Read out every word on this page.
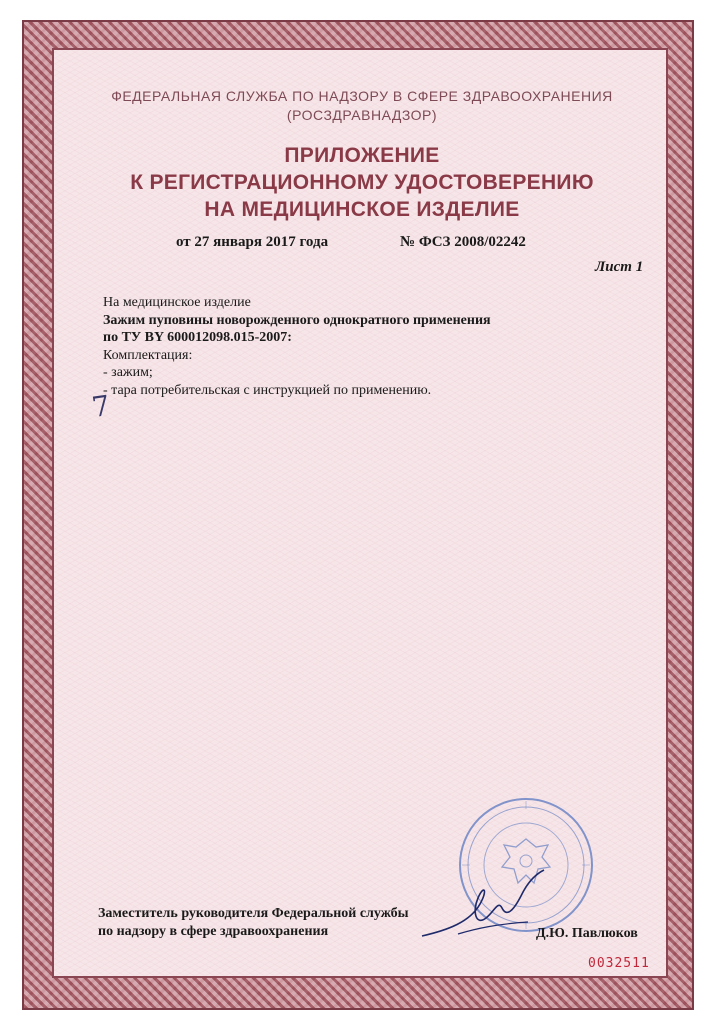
ФЕДЕРАЛЬНАЯ СЛУЖБА ПО НАДЗОРУ В СФЕРЕ ЗДРАВООХРАНЕНИЯ
(РОСЗДРАВНАДЗОР)
ПРИЛОЖЕНИЕ
К РЕГИСТРАЦИОННОМУ УДОСТОВЕРЕНИЮ
НА МЕДИЦИНСКОЕ ИЗДЕЛИЕ
от 27 января 2017 года	№ ФСЗ 2008/02242
Лист 1
На медицинское изделие
Зажим пуповины новорожденного однократного применения
по ТУ BY 600012098.015-2007:
Комплектация:
- зажим;
- тара потребительская с инструкцией по применению.
7
Заместитель руководителя Федеральной службы
по надзору в сфере здравоохранения	Д.Ю. Павлюков
0032511
